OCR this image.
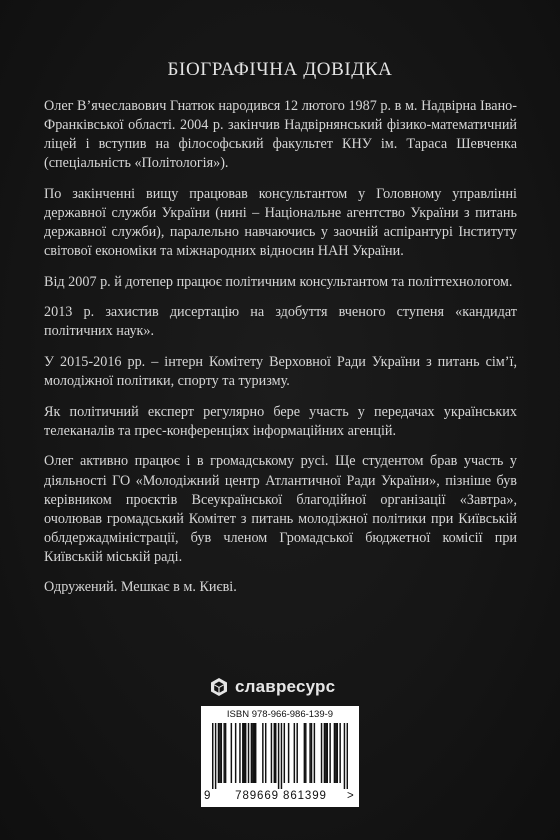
БІОГРАФІЧНА ДОВІДКА

Олег В’ячеславович Гнатюк народився 12 лютого 1987 р. в м. Надвірна Івано-Франківської області. 2004 р. закінчив Надвірнянський фізико-математичний ліцей і вступив на філософський факультет КНУ ім. Тараса Шевченка (спеціальність «Політологія»).

По закінченні вищу працював консультантом у Головному управлінні державної служби України (нині – Національне агентство України з питань державної служби), паралельно навчаючись у заочній аспірантурі Інституту світової економіки та міжнародних відносин НАН України.

Від 2007 р. й дотепер працює політичним консультантом та політтехнологом.

2013 р. захистив дисертацію на здобуття вченого ступеня «кандидат політичних наук».

У 2015-2016 рр. – інтерн Комітету Верховної Ради України з питань сім’ї, молодіжної політики, спорту та туризму.

Як політичний експерт регулярно бере участь у передачах українських телеканалів та прес-конференціях інформаційних агенцій.

Олег активно працює і в громадському русі. Ще студентом брав участь у діяльності ГО «Молодіжний центр Атлантичної Ради України», пізніше був керівником проєктів Всеукраїнської благодійної організації «Завтра», очолював громадський Комітет з питань молодіжної політики при Київській облдержадміністрації, був членом Громадської бюджетної комісії при Київській міській раді.

Одружений. Мешкає в м. Києві.

славресурс
ISBN 978-966-986-139-9
9	789669 861399	>
